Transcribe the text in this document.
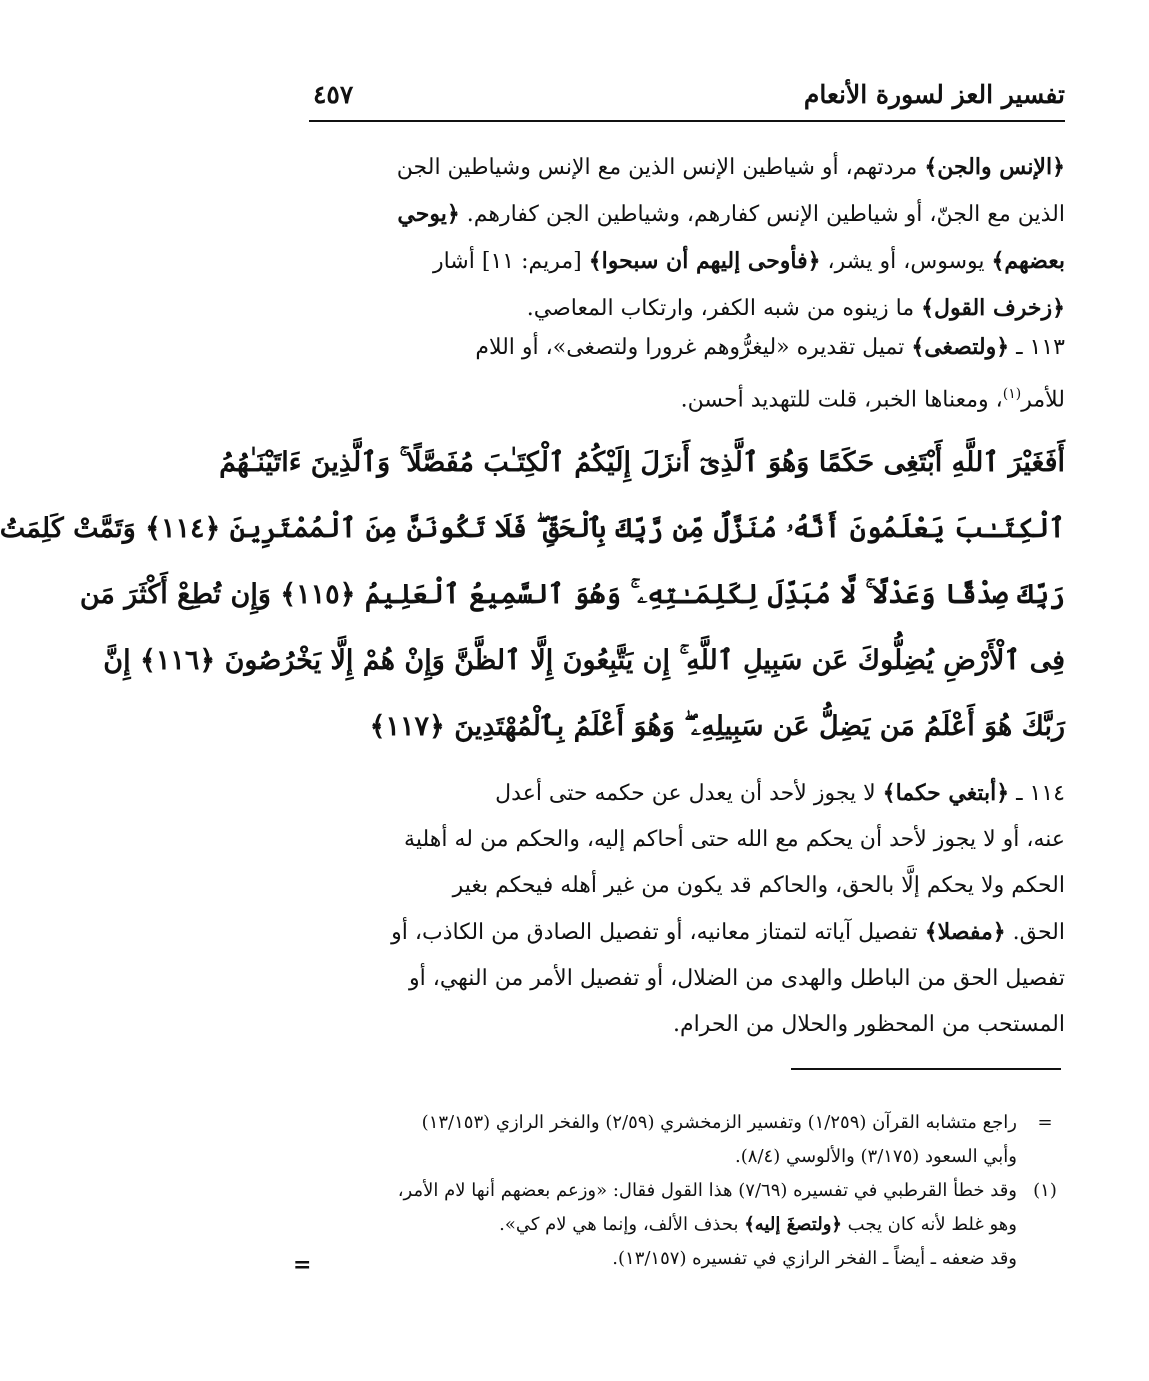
تفسير العز لسورة الأنعام
٤٥٧
﴿الإنس والجن﴾ مردتهم، أو شياطين الإنس الذين مع الإنس وشياطين الجن
الذين مع الجنّ، أو شياطين الإنس كفارهم، وشياطين الجن كفارهم. ﴿يوحي
بعضهم﴾ يوسوس، أو يشر، ﴿فأوحى إليهم أن سبحوا﴾ [مريم: ١١] أشار
﴿زخرف القول﴾ ما زينوه من شبه الكفر، وارتكاب المعاصي.
١١٣ ـ ﴿ولتصغى﴾ تميل تقديره «ليغرُّوهم غرورا ولتصغى»، أو اللام
للأمر$^{(١)}$، ومعناها الخبر، قلت للتهديد أحسن.
أَفَغَيْرَ ٱللَّهِ أَبْتَغِى حَكَمًا وَهُوَ ٱلَّذِىٓ أَنزَلَ إِلَيْكُمُ ٱلْكِتَـٰبَ مُفَصَّلًا ۚ وَٱلَّذِينَ ءَاتَيْنَـٰهُمُ
ٱلْكِتَـٰبَ يَعْلَمُونَ أَنَّهُۥ مُنَزَّلٌ مِّن رَّبِّكَ بِٱلْحَقِّ ۖ فَلَا تَكُونَنَّ مِنَ ٱلْمُمْتَرِينَ ﴿١١٤﴾ وَتَمَّتْ كَلِمَتُ
رَبِّكَ صِدْقًا وَعَدْلًا ۚ لَّا مُبَدِّلَ لِكَلِمَـٰتِهِۦ ۚ وَهُوَ ٱلسَّمِيعُ ٱلْعَلِيمُ ﴿١١٥﴾ وَإِن تُطِعْ أَكْثَرَ مَن
فِى ٱلْأَرْضِ يُضِلُّوكَ عَن سَبِيلِ ٱللَّهِ ۚ إِن يَتَّبِعُونَ إِلَّا ٱلظَّنَّ وَإِنْ هُمْ إِلَّا يَخْرُصُونَ ﴿١١٦﴾ إِنَّ
رَبَّكَ هُوَ أَعْلَمُ مَن يَضِلُّ عَن سَبِيلِهِۦ ۖ وَهُوَ أَعْلَمُ بِٱلْمُهْتَدِينَ ﴿١١٧﴾
١١٤ ـ ﴿أبتغي حكما﴾ لا يجوز لأحد أن يعدل عن حكمه حتى أعدل
عنه، أو لا يجوز لأحد أن يحكم مع الله حتى أحاكم إليه، والحكم من له أهلية
الحكم ولا يحكم إلَّا بالحق، والحاكم قد يكون من غير أهله فيحكم بغير
الحق. ﴿مفصلا﴾ تفصيل آياته لتمتاز معانيه، أو تفصيل الصادق من الكاذب، أو
تفصيل الحق من الباطل والهدى من الضلال، أو تفصيل الأمر من النهي، أو
المستحب من المحظور والحلال من الحرام.
=
راجع متشابه القرآن (١/٢٥٩) وتفسير الزمخشري (٢/٥٩) والفخر الرازي (١٣/١٥٣)
وأبي السعود (٣/١٧٥) والألوسي (٨/٤).
(١)
وقد خطأ القرطبي في تفسيره (٧/٦٩) هذا القول فقال: «وزعم بعضهم أنها لام الأمر،
وهو غلط لأنه كان يجب ﴿ولتصغَ إليه﴾ بحذف الألف، وإنما هي لام كي».
وقد ضعفه ـ أيضاً ـ الفخر الرازي في تفسيره (١٣/١٥٧).
=
